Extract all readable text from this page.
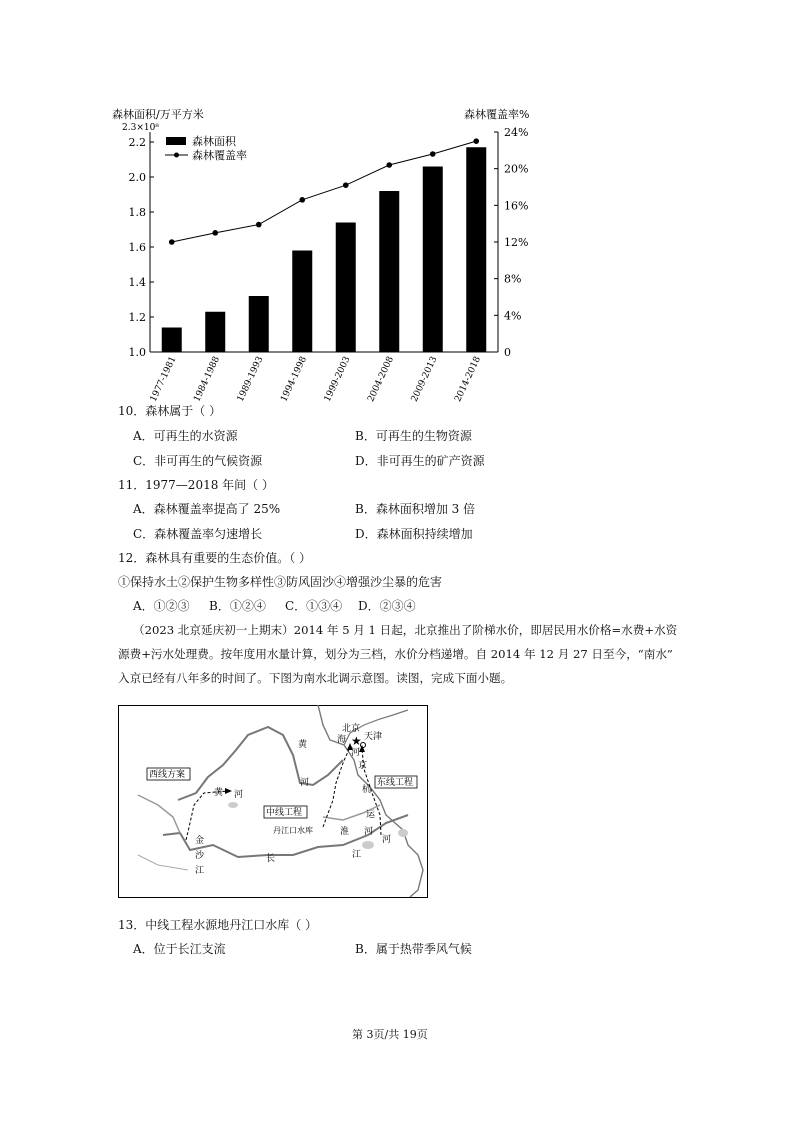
森林面积/万平方米
2.3×10⁸
森林覆盖率%
森林面积
森林覆盖率
1.0
1.2
1.4
1.6
1.8
2.0
2.2
0
4%
8%
12%
16%
20%
24%
1977-1981 1984-1988 1989-1993 1994-1998 1999-2003 2004-2008 2009-2013 2014-2018
10．森林属于（ ）
A．可再生的水资源	B．可再生的生物资源
C．非可再生的气候资源	D．非可再生的矿产资源
11．1977—2018 年间（ ）
A．森林覆盖率提高了 25%	B．森林面积增加 3 倍
C．森林覆盖率匀速增长	D．森林面积持续增加
12．森林具有重要的生态价值。（ ）
①保持水土②保护生物多样性③防风固沙④增强沙尘暴的危害
A．①②③ B．①②④ C．①③④ D．②③④
（2023 北京延庆初一上期末）2014 年 5 月 1 日起，北京推出了阶梯水价，即居民用水价格=水费+水资
源费+污水处理费。按年度用水量计算，划分为三档，水价分档递增。自 2014 年 12 月 27 日至今，“南水”
入京已经有八年多的时间了。下图为南水北调示意图。读图，完成下面小题。
★
北京
天津
西线方案
东线工程
中线工程
丹江口水库
海
河
京
杭
运
淮 河
河
黄
河
黄 河
金
沙
江
长	江
13．中线工程水源地丹江口水库（ ）
A．位于长江支流	B．属于热带季风气候
第 3页/共 19页
